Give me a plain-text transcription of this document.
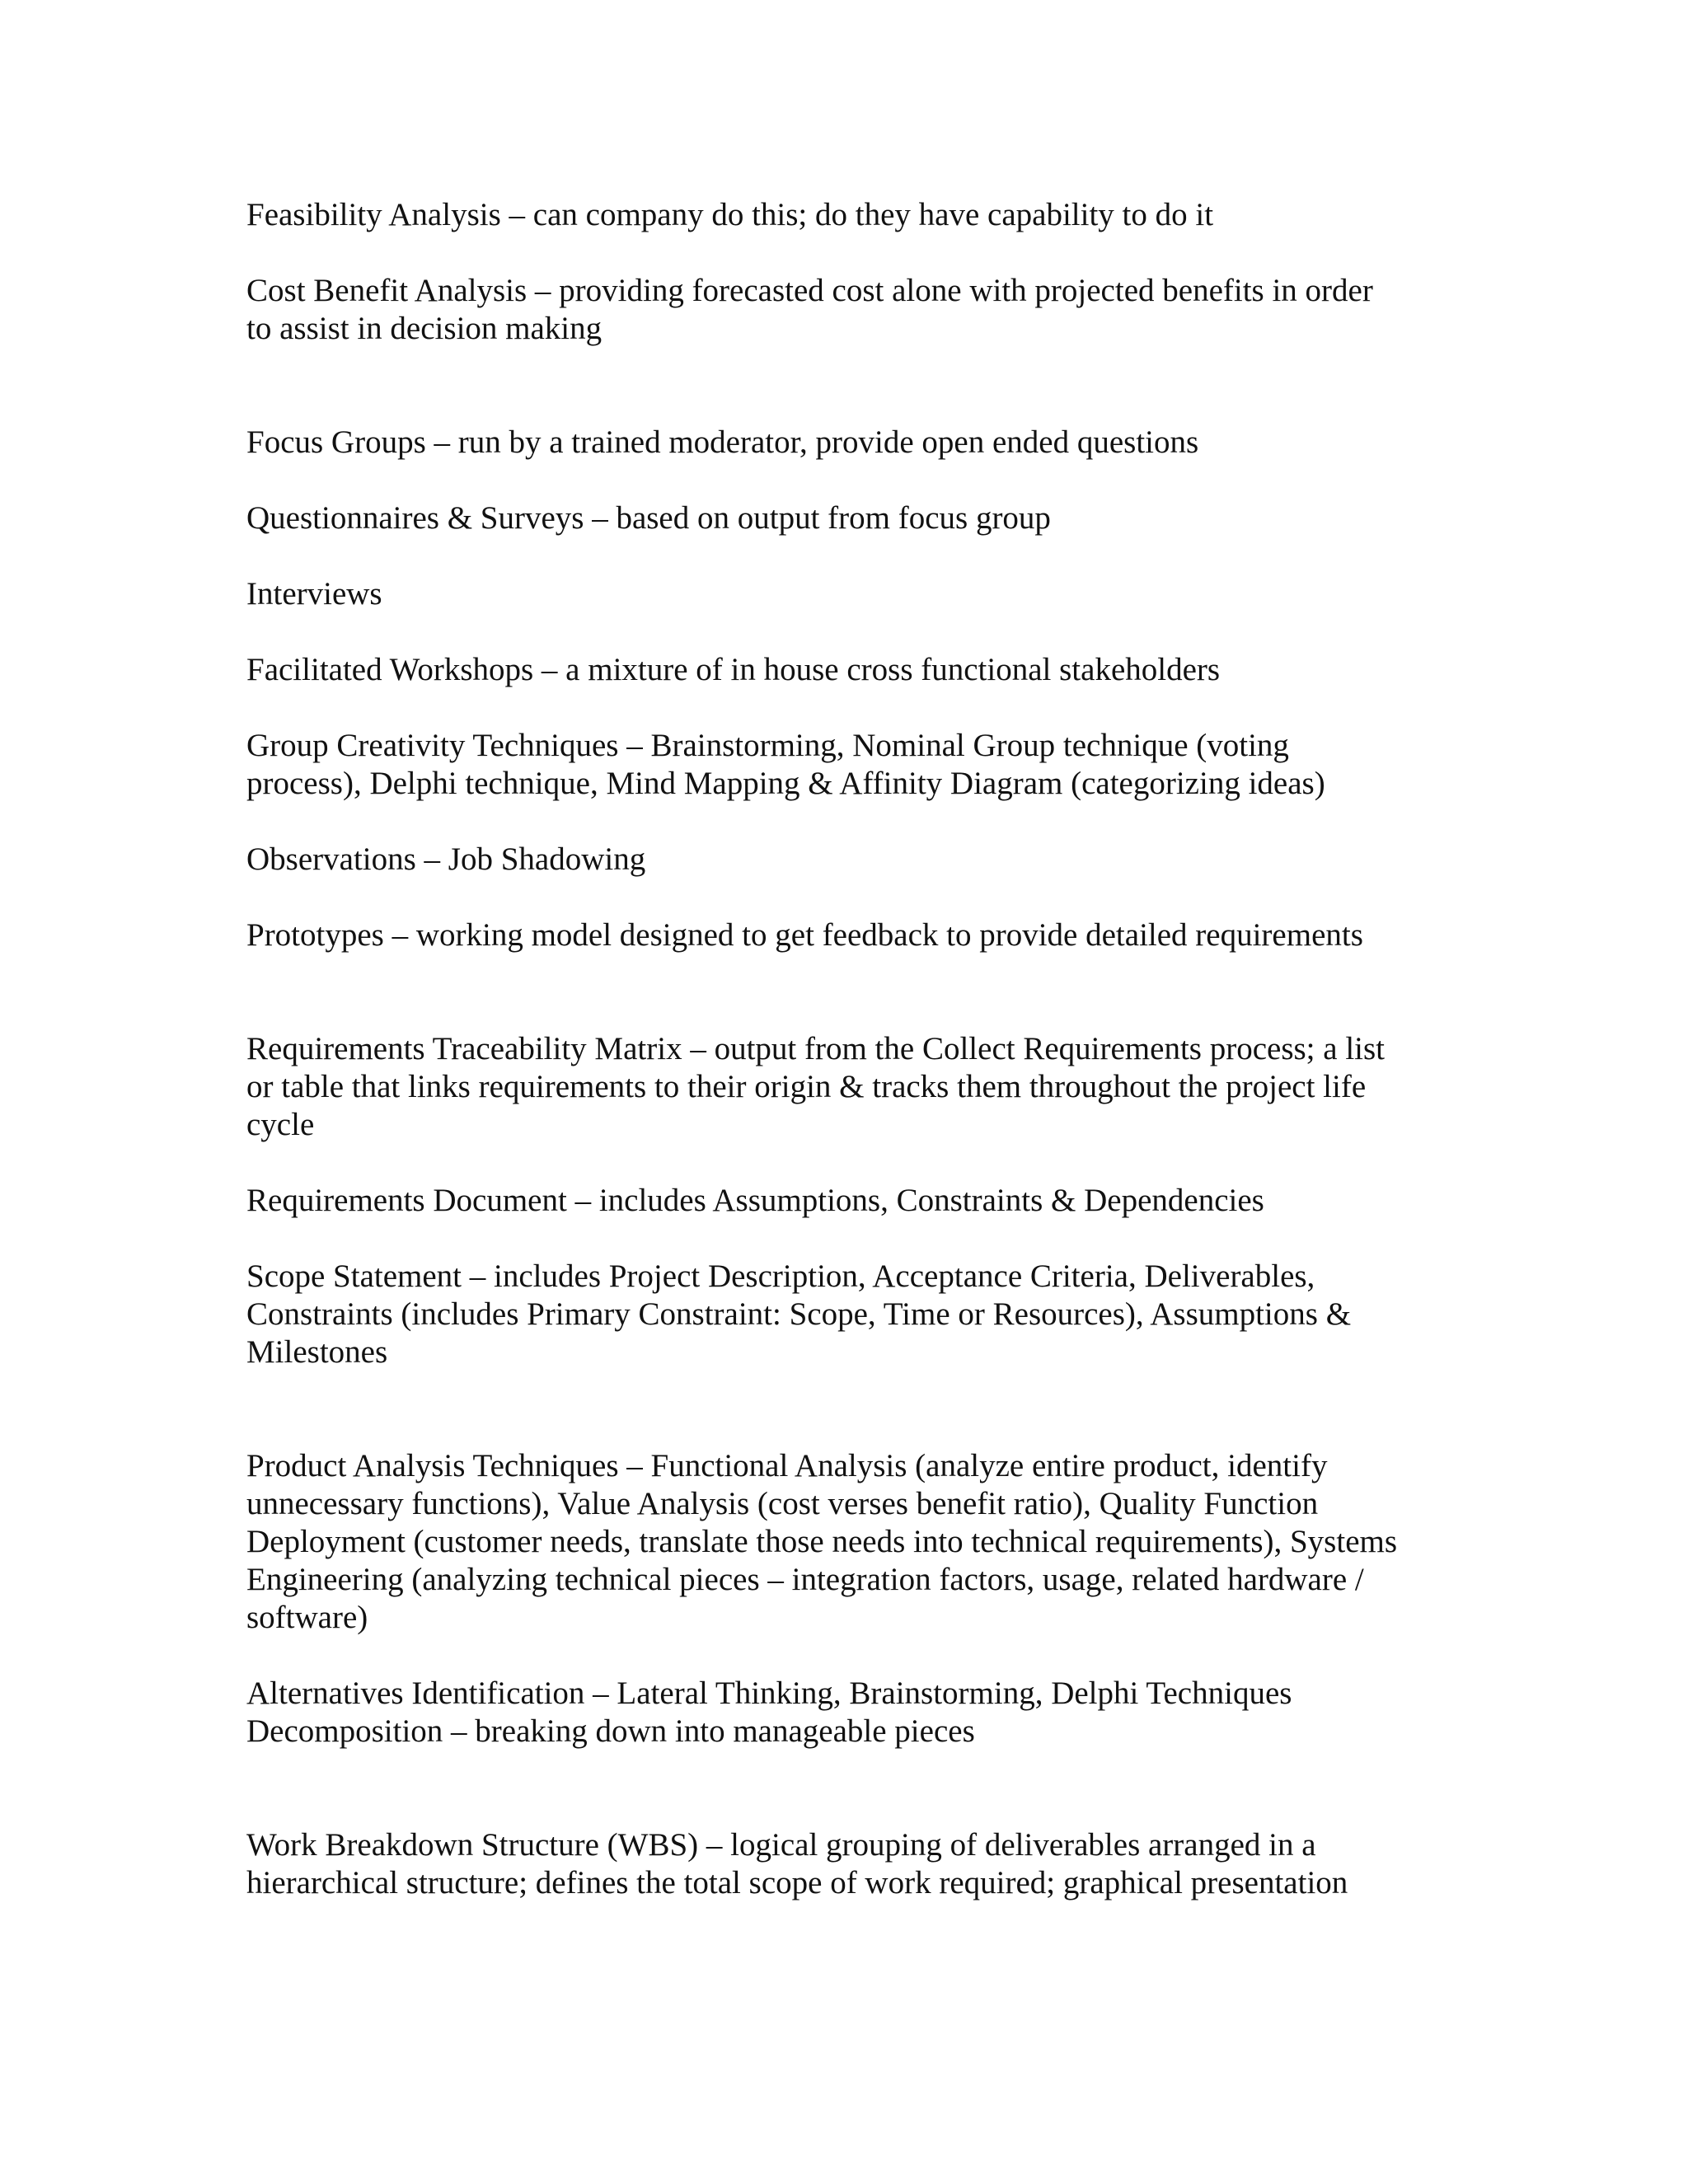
Feasibility Analysis – can company do this; do they have capability to do it

Cost Benefit Analysis – providing forecasted cost alone with projected benefits in order
to assist in decision making

Focus Groups – run by a trained moderator, provide open ended questions

Questionnaires & Surveys – based on output from focus group

Interviews

Facilitated Workshops – a mixture of in house cross functional stakeholders

Group Creativity Techniques – Brainstorming, Nominal Group technique (voting
process), Delphi technique, Mind Mapping & Affinity Diagram (categorizing ideas)

Observations – Job Shadowing

Prototypes – working model designed to get feedback to provide detailed requirements

Requirements Traceability Matrix – output from the Collect Requirements process; a list
or table that links requirements to their origin & tracks them throughout the project life
cycle

Requirements Document – includes Assumptions, Constraints & Dependencies

Scope Statement – includes Project Description, Acceptance Criteria, Deliverables,
Constraints (includes Primary Constraint: Scope, Time or Resources), Assumptions &
Milestones

Product Analysis Techniques – Functional Analysis (analyze entire product, identify
unnecessary functions), Value Analysis (cost verses benefit ratio), Quality Function
Deployment (customer needs, translate those needs into technical requirements), Systems
Engineering (analyzing technical pieces – integration factors, usage, related hardware /
software)

Alternatives Identification – Lateral Thinking, Brainstorming, Delphi Techniques

Decomposition – breaking down into manageable pieces

Work Breakdown Structure (WBS) – logical grouping of deliverables arranged in a
hierarchical structure; defines the total scope of work required; graphical presentation
